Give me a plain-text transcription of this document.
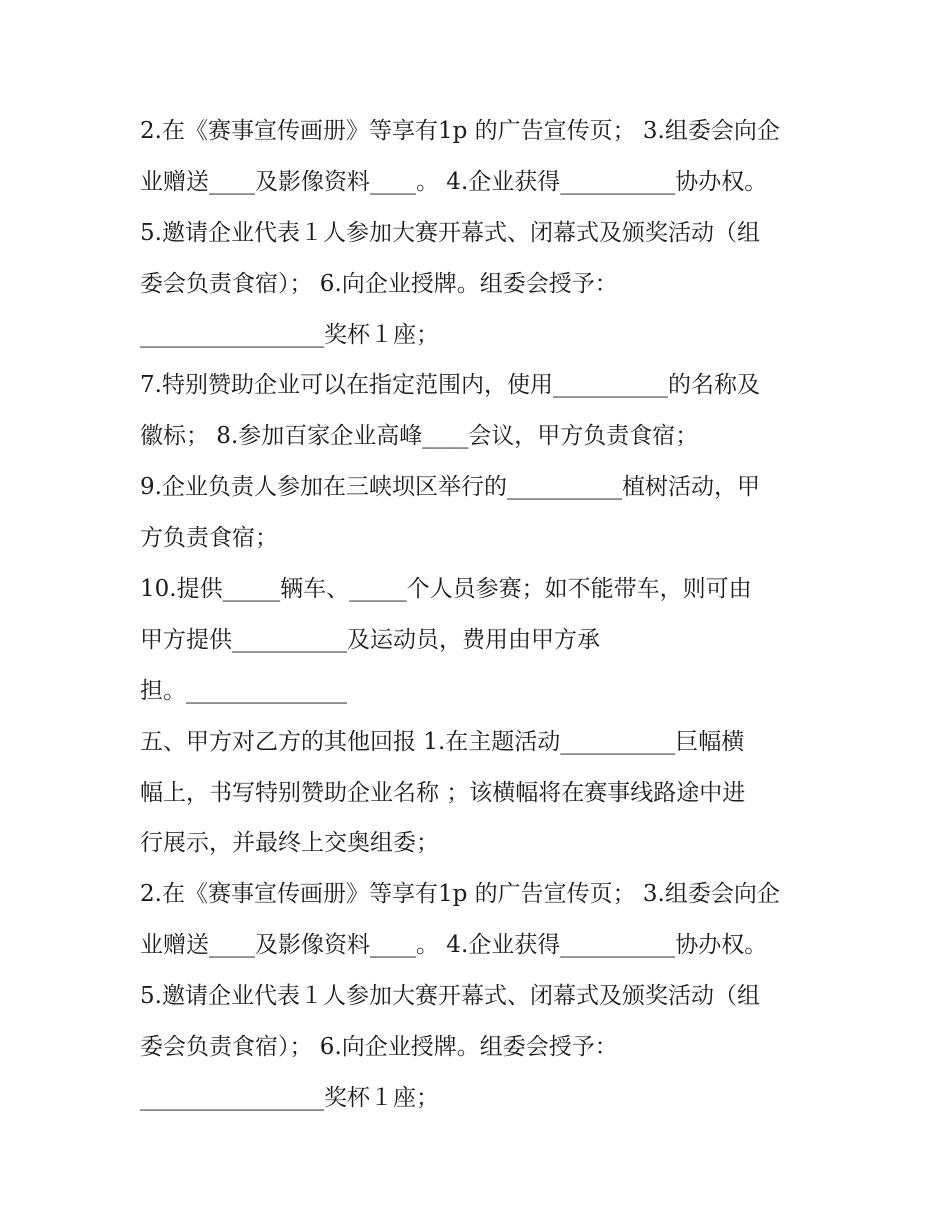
2.在《赛事宣传画册》等享有1p 的广告宣传页； 3.组委会向企

业赠送____及影像资料____。 4.企业获得__________协办权。

5.邀请企业代表１人参加大赛开幕式、闭幕式及颁奖活动（组

委会负责食宿）； 6.向企业授牌。组委会授予：

________________奖杯１座；

7.特别赞助企业可以在指定范围内，使用__________的名称及

徽标； 8.参加百家企业高峰____会议，甲方负责食宿；

9.企业负责人参加在三峡坝区举行的__________植树活动，甲

方负责食宿；

10.提供_____辆车、_____个人员参赛；如不能带车，则可由

甲方提供__________及运动员，费用由甲方承

担。______________

五、甲方对乙方的其他回报 1.在主题活动__________巨幅横

幅上，书写特别赞助企业名称 ；该横幅将在赛事线路途中进

行展示，并最终上交奥组委；

2.在《赛事宣传画册》等享有1p 的广告宣传页； 3.组委会向企

业赠送____及影像资料____。 4.企业获得__________协办权。

5.邀请企业代表１人参加大赛开幕式、闭幕式及颁奖活动（组

委会负责食宿）； 6.向企业授牌。组委会授予：

________________奖杯１座；
